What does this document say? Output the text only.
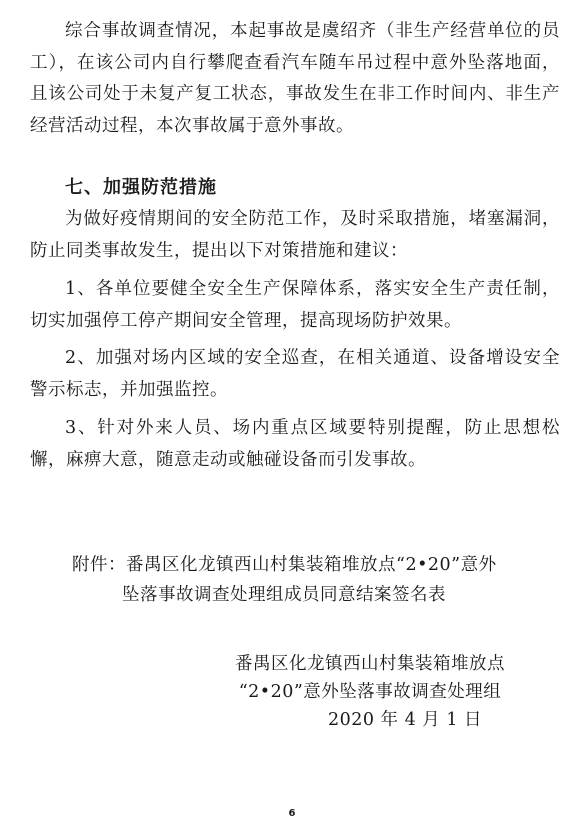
综合事故调查情况，本起事故是虞绍齐（非生产经营单位的员工），在该公司内自行攀爬查看汽车随车吊过程中意外坠落地面，且该公司处于未复产复工状态，事故发生在非工作时间内、非生产经营活动过程，本次事故属于意外事故。

七、加强防范措施

为做好疫情期间的安全防范工作，及时采取措施，堵塞漏洞，防止同类事故发生，提出以下对策措施和建议：

1、各单位要健全安全生产保障体系，落实安全生产责任制，切实加强停工停产期间安全管理，提高现场防护效果。

2、加强对场内区域的安全巡查，在相关通道、设备增设安全警示标志，并加强监控。

3、针对外来人员、场内重点区域要特别提醒，防止思想松懈，麻痹大意，随意走动或触碰设备而引发事故。

附件：番禺区化龙镇西山村集装箱堆放点“2•20”意外
坠落事故调查处理组成员同意结案签名表
番禺区化龙镇西山村集装箱堆放点
“2•20”意外坠落事故调查处理组
2020 年 4 月 1 日
6
